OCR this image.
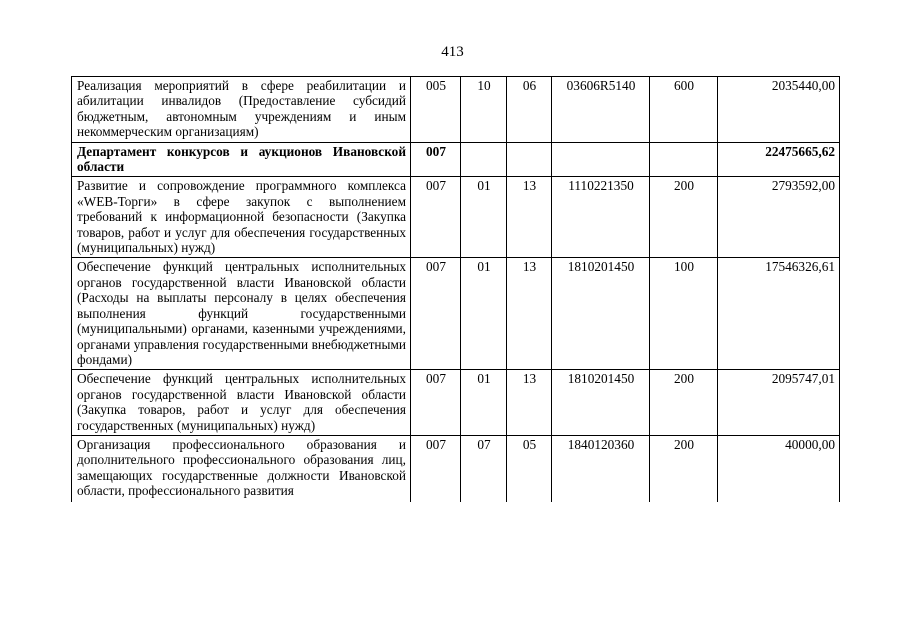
413
Реализация мероприятий в сфере реабилитации и абилитации инвалидов (Предоставление субсидий бюджетным, автономным учреждениям и иным некоммерческим организациям)	005	10	06	03606R5140	600	2035440,00
Департамент конкурсов и аукционов Ивановской области	007					22475665,62
Развитие и сопровождение программного комплекса «WEB-Торги» в сфере закупок с выполнением требований к информационной безопасности (Закупка товаров, работ и услуг для обеспечения государственных (муниципальных) нужд)	007	01	13	1110221350	200	2793592,00
Обеспечение функций центральных исполнительных органов государственной власти Ивановской области (Расходы на выплаты персоналу в целях обеспечения выполнения функций государственными (муниципальными) органами, казенными учреждениями, органами управления государственными внебюджетными фондами)	007	01	13	1810201450	100	17546326,61
Обеспечение функций центральных исполнительных органов государственной власти Ивановской области (Закупка товаров, работ и услуг для обеспечения государственных (муниципальных) нужд)	007	01	13	1810201450	200	2095747,01
Организация профессионального образования и дополнительного профессионального образования лиц, замещающих государственные должности Ивановской области, профессионального развития	007	07	05	1840120360	200	40000,00
